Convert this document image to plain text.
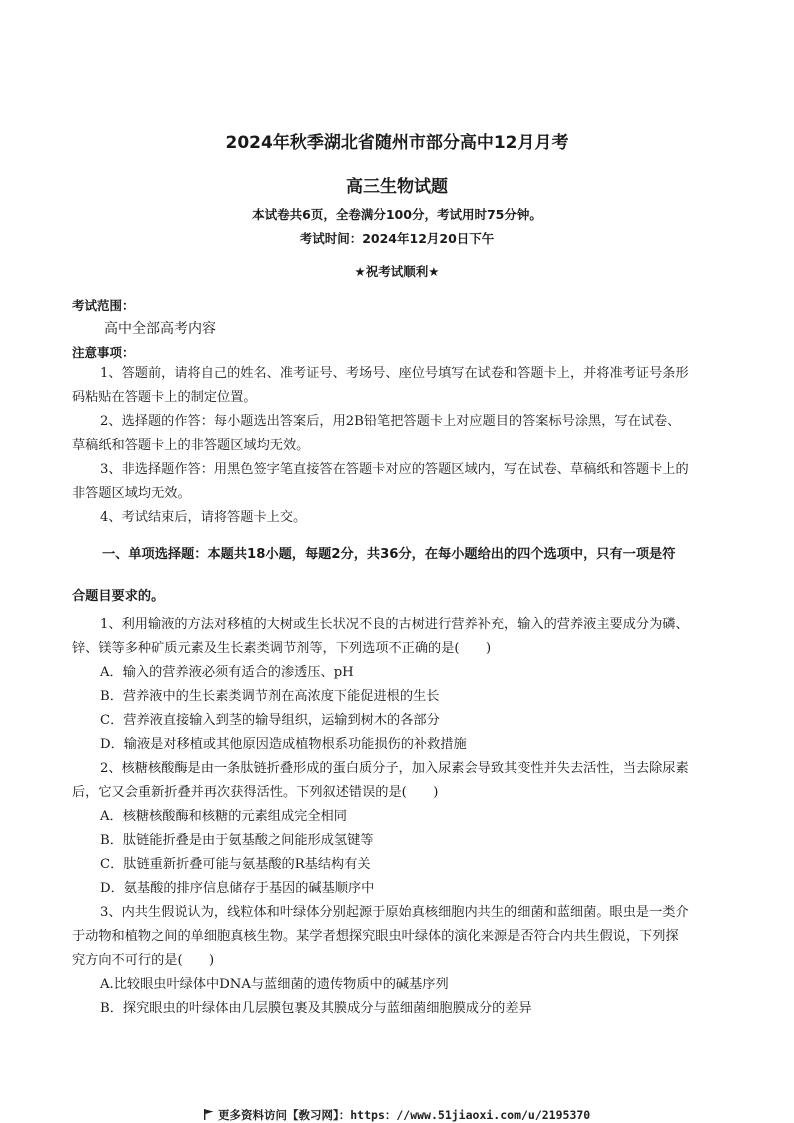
2024年秋季湖北省随州市部分高中12月月考
高三生物试题
本试卷共6页，全卷满分100分，考试用时75分钟。
考试时间：2024年12月20日下午
★祝考试顺利★
考试范围：
高中全部高考内容
注意事项：
1、答题前，请将自己的姓名、准考证号、考场号、座位号填写在试卷和答题卡上，并将准考证号条形
码粘贴在答题卡上的制定位置。
2、选择题的作答：每小题选出答案后，用2B铅笔把答题卡上对应题目的答案标号涂黑，写在试卷、
草稿纸和答题卡上的非答题区域均无效。
3、非选择题作答：用黑色签字笔直接答在答题卡对应的答题区域内，写在试卷、草稿纸和答题卡上的
非答题区域均无效。
4、考试结束后，请将答题卡上交。
一、单项选择题：本题共18小题，每题2分，共36分，在每小题给出的四个选项中，只有一项是符
合题目要求的。
1、利用输液的方法对移植的大树或生长状况不良的古树进行营养补充，输入的营养液主要成分为磷、
锌、镁等多种矿质元素及生长素类调节剂等，下列选项不正确的是(　　)
A．输入的营养液必须有适合的渗透压、pH
B．营养液中的生长素类调节剂在高浓度下能促进根的生长
C．营养液直接输入到茎的输导组织，运输到树木的各部分
D．输液是对移植或其他原因造成植物根系功能损伤的补救措施
2、核糖核酸酶是由一条肽链折叠形成的蛋白质分子，加入尿素会导致其变性并失去活性，当去除尿素
后，它又会重新折叠并再次获得活性。下列叙述错误的是(　　)
A．核糖核酸酶和核糖的元素组成完全相同
B．肽链能折叠是由于氨基酸之间能形成氢键等
C．肽链重新折叠可能与氨基酸的R基结构有关
D．氨基酸的排序信息储存于基因的碱基顺序中
3、内共生假说认为，线粒体和叶绿体分别起源于原始真核细胞内共生的细菌和蓝细菌。眼虫是一类介
于动物和植物之间的单细胞真核生物。某学者想探究眼虫叶绿体的演化来源是否符合内共生假说，下列探
究方向不可行的是(　　)
A.比较眼虫叶绿体中DNA与蓝细菌的遗传物质中的碱基序列
B．探究眼虫的叶绿体由几层膜包裹及其膜成分与蓝细菌细胞膜成分的差异
更多资料访问【敎习网】：https：//www.51jiaoxi.com/u/2195370
